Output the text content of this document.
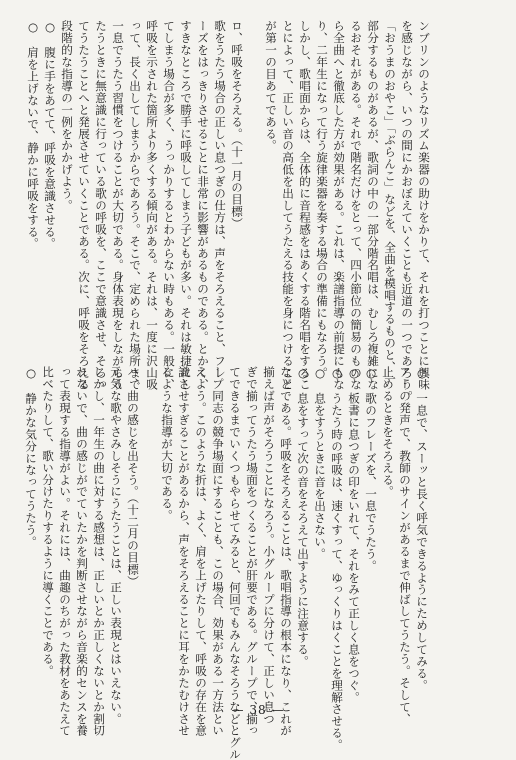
ンブリンのようなリズム楽器の助けをかりて、それを打つことに興味
を感じながら、いつの間にかおぼえていくことも近道の一つであろう。
「おうまのおやこ」「ぶらんこ」などを、全曲を模唱するものと、一
部分するものがあるが、歌詞の中の一部分階名唱は、むしろ複雑にな
るおそれがある。それで階名だけをとって、四小節位の簡易のものな
ら全曲へと徹底した方が効果がある。これは、楽譜指導の前提にもな
り、二年生になって行う旋律楽器を奏する場合の準備にもなろう。
しかし、歌唱面からは、全体的に音程感をはあくする階名唱をするこ
とによって、正しい音の高低を出してうたえる技能を身につけること
が第一の目あてである。

ロ、呼吸をそろえる。（十一月の目標）
歌をうたう場合の正しい息つぎの仕方は、声をそろえること、フレ
ーズをはっきりさせることに非常に影響があるものである。とかく、
すきなところで勝手に呼吸してしまう子どもが多い。それは敏捷にし
てしまう場合が多く、うっかりするとわからない時もある。一般に、
呼吸を示された箇所より多くする傾向がある。それは、一度に沢山吸
って、長く出してしまうからであろう。そこで、定められた場所まで
一息でうたう習慣をつけることが大切である。身体表現をしながらう
たうときに無意識に行っている歌の呼吸を、ここで意識させ、そろっ
てうたうことへと発展させていくことである。次に、呼吸をそろえる
段階的な指導の一例をかかげよう。
○　腹に手をあてて、呼吸を意識させる。
○　肩を上げないで、静かに呼吸をする。
○　一息で、スーッと長く呼気できるようにためしてみる。
アーの発声で、教師のサインがあるまで伸ばしてうたう。そして、
止めるときをそろえる。
○　歌のフレーズを、一息でうたう。
○　板書に息つぎの印をいれて、それをみて正しく息をつぐ。
○　うたう時の呼吸は、速くすって、ゆっくりはくことを理解させる。
○　息をすうときに音を出さない。
○　息をすって次の音をそろえて出すように注意する。
などである。呼吸をそろえることは、歌唱指導の根本になり、これが
揃えば声がそろうことになろう。小グループに分けて、正しい息つ
ぎで揃ってうたう場面をつくることが肝要である。グループで、揃っ
てできるまでいくつもやらせてみると、何回でもみんなそろうなどとグル
ープ同志の競争場面にすることも、この場合、効果がある一方法とい
えよう。このような折は、よく、肩を上げたりして、呼吸の存在を意
識させすぎることがあるから、声をそろえることに耳をかたむけさせ
るような指導が大切である。

ハ、曲の感じを出そう。（十二月の目標）
元気な歌やさみしそうにうたうことは、正しい表現とはいえない。
しかし、一年生の曲に対する感想は、正しいとか正しくないとか割切
れないで、曲の感じがでていたかを判断させながら音楽的センスを養
って表現する指導がよい。それには、曲趣のちがった教材をあたえて
比べたりして、歌い分けたりするように導くことである。
○　静かな気分になってうたう。
— 38 —
